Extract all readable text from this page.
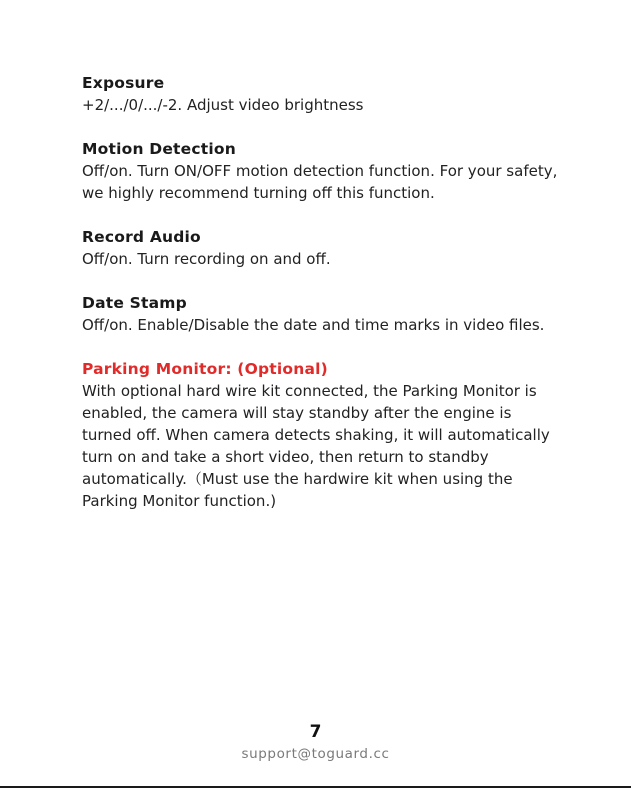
Exposure
+2/.../0/.../-2. Adjust video brightness
Motion Detection
Off/on. Turn ON/OFF motion detection function. For your safety, we highly recommend turning off this function.
Record Audio
Off/on. Turn recording on and off.
Date Stamp
Off/on. Enable/Disable the date and time marks in video files.
Parking Monitor: (Optional)
With optional hard wire kit connected, the Parking Monitor is enabled, the camera will stay standby after the engine is turned off. When camera detects shaking, it will automatically turn on and take a short video, then return to standby automatically.（Must use the hardwire kit when using the Parking Monitor function.)
7
support@toguard.cc
